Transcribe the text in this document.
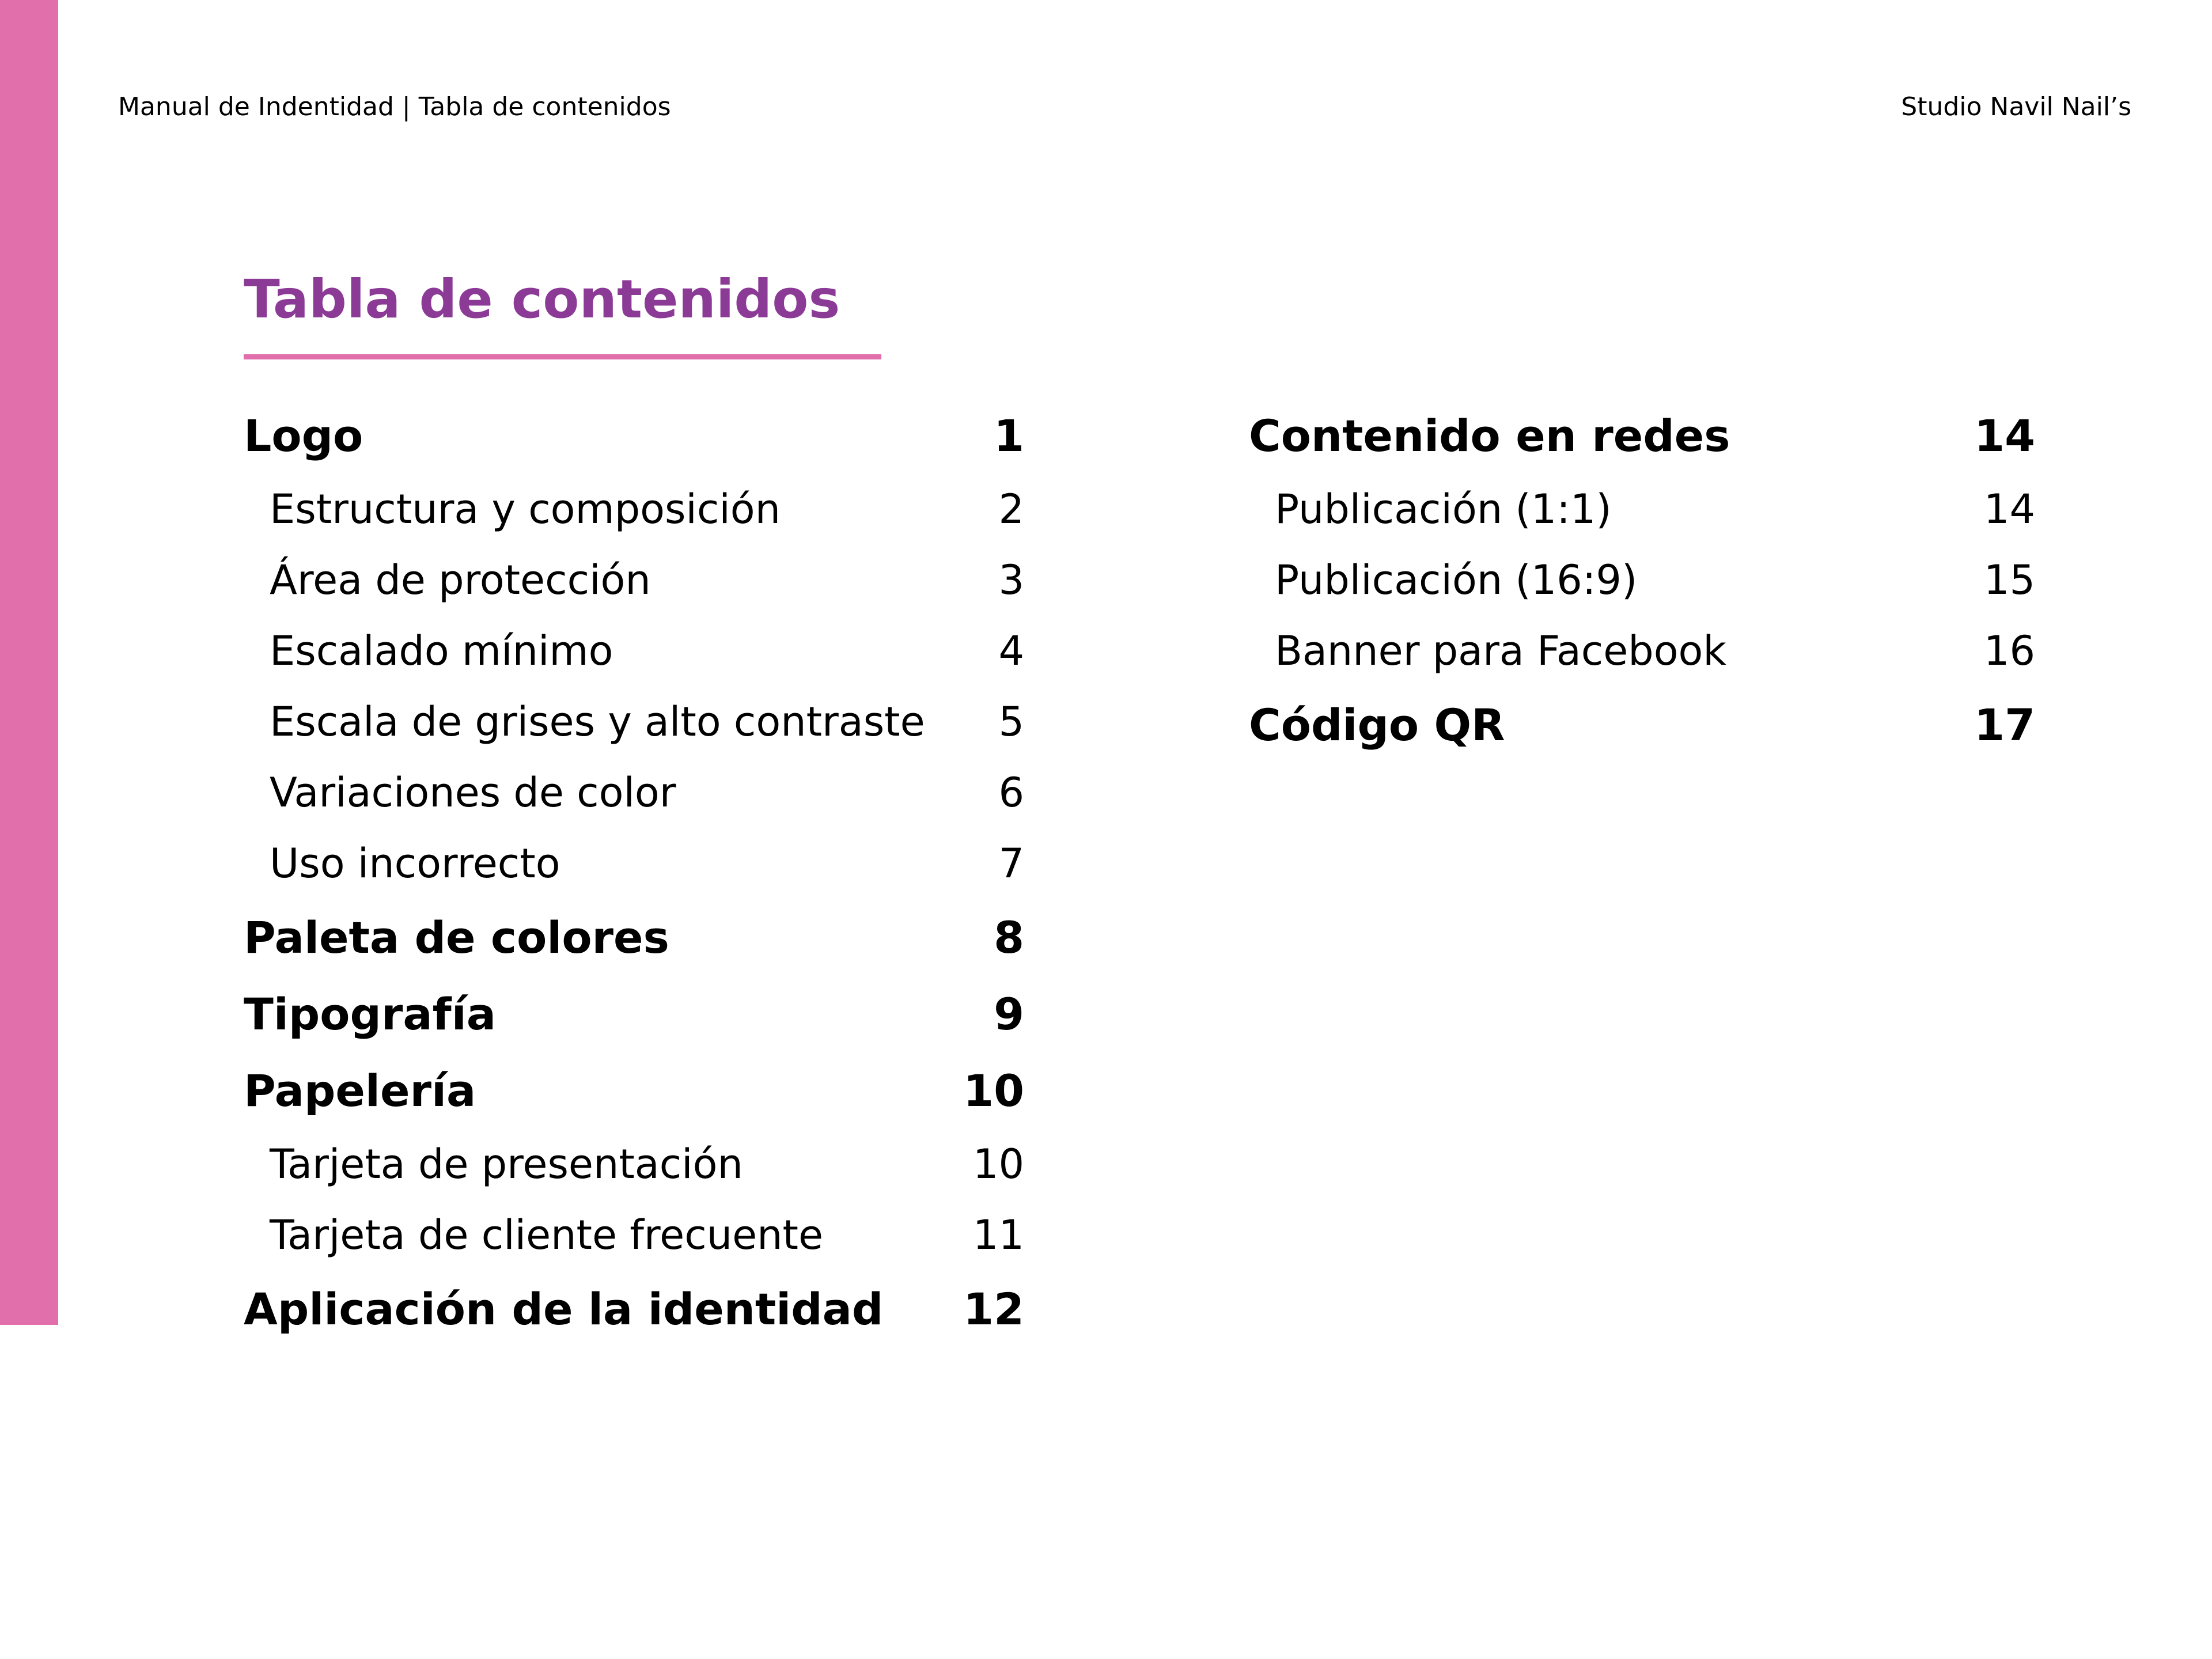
Manual de Indentidad | Tabla de contenidos	Studio Navil Nail’s
Tabla de contenidos
Logo	1
Estructura y composición	2
Área de protección	3
Escalado mínimo	4
Escala de grises y alto contraste 5
Variaciones de color	6
Uso incorrecto	7
Paleta de colores	8
Tipografía	9
Papelería	10
Tarjeta de presentación	10
Tarjeta de cliente frecuente	11
Aplicación de la identidad 12
Contenido en redes	14
Publicación (1:1)	14
Publicación (16:9)	15
Banner para Facebook	16
Código QR	17
